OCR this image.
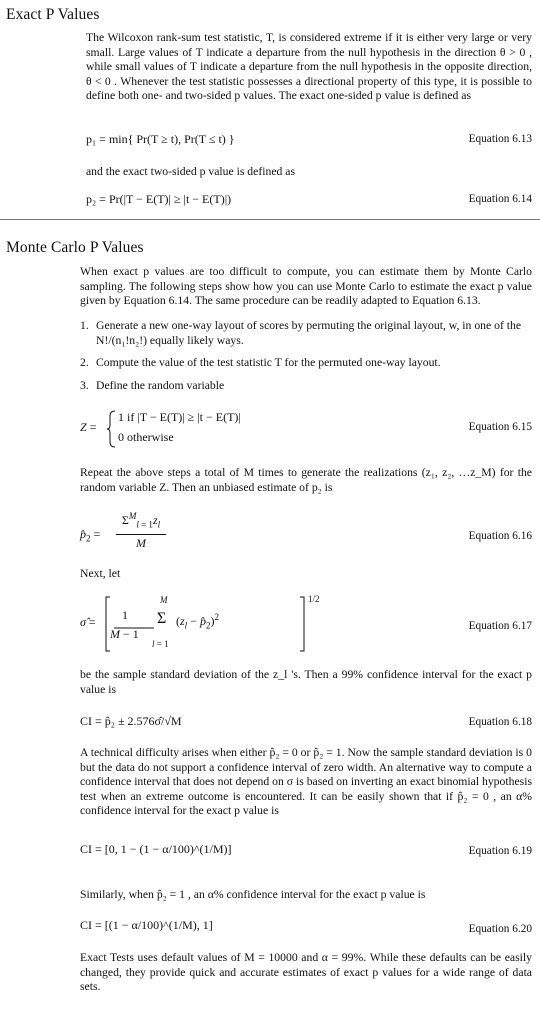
Exact P Values
The Wilcoxon rank-sum test statistic, T, is considered extreme if it is either very large or very small. Large values of T indicate a departure from the null hypothesis in the direction θ > 0 , while small values of T indicate a departure from the null hypothesis in the opposite direction, θ < 0 . Whenever the test statistic possesses a directional property of this type, it is possible to define both one- and two-sided p values. The exact one-sided p value is defined as
p₁ = min{ Pr(T ≥ t), Pr(T ≤ t) }	Equation 6.13
and the exact two-sided p value is defined as
p₂ = Pr(|T − E(T)| ≥ |t − E(T)|)	Equation 6.14
Monte Carlo P Values
When exact p values are too difficult to compute, you can estimate them by Monte Carlo sampling. The following steps show how you can use Monte Carlo to estimate the exact p value given by Equation 6.14. The same procedure can be readily adapted to Equation 6.13.
1. Generate a new one-way layout of scores by permuting the original layout, w, in one of the N!/(n₁!n₂!) equally likely ways.
2. Compute the value of the test statistic T for the permuted one-way layout.
3. Define the random variable
Z =
1 if |T − E(T)| ≥ |t − E(T)|
0 otherwise
Equation 6.15
Repeat the above steps a total of M times to generate the realizations (z₁, z₂, …z_M) for the random variable Z. Then an unbiased estimate of p₂ is
$p̂_2$ =
$\Sigma^M_{l = 1}z_l$
M	Equation 6.16
Next, let
σ̂ = 1
M − 1
M
Σ
l = 1
($z_l$ − $p̂_2)^2$
1/2
Equation 6.17
be the sample standard deviation of the z_l 's. Then a 99% confidence interval for the exact p value is
CI = p̂₂ ± 2.576σ̂/√M	Equation 6.18
A technical difficulty arises when either p̂₂ = 0 or p̂₂ = 1. Now the sample standard deviation is 0 but the data do not support a confidence interval of zero width. An alternative way to compute a confidence interval that does not depend on σ is based on inverting an exact binomial hypothesis test when an extreme outcome is encountered. It can be easily shown that if p̂₂ = 0 , an α% confidence interval for the exact p value is
CI = [0, 1 − (1 − α/100)^(1/M)]	Equation 6.19
Similarly, when p̂₂ = 1 , an α% confidence interval for the exact p value is
CI = [(1 − α/100)^(1/M), 1]	Equation 6.20
Exact Tests uses default values of M = 10000 and α = 99%. While these defaults can be easily changed, they provide quick and accurate estimates of exact p values for a wide range of data sets.
